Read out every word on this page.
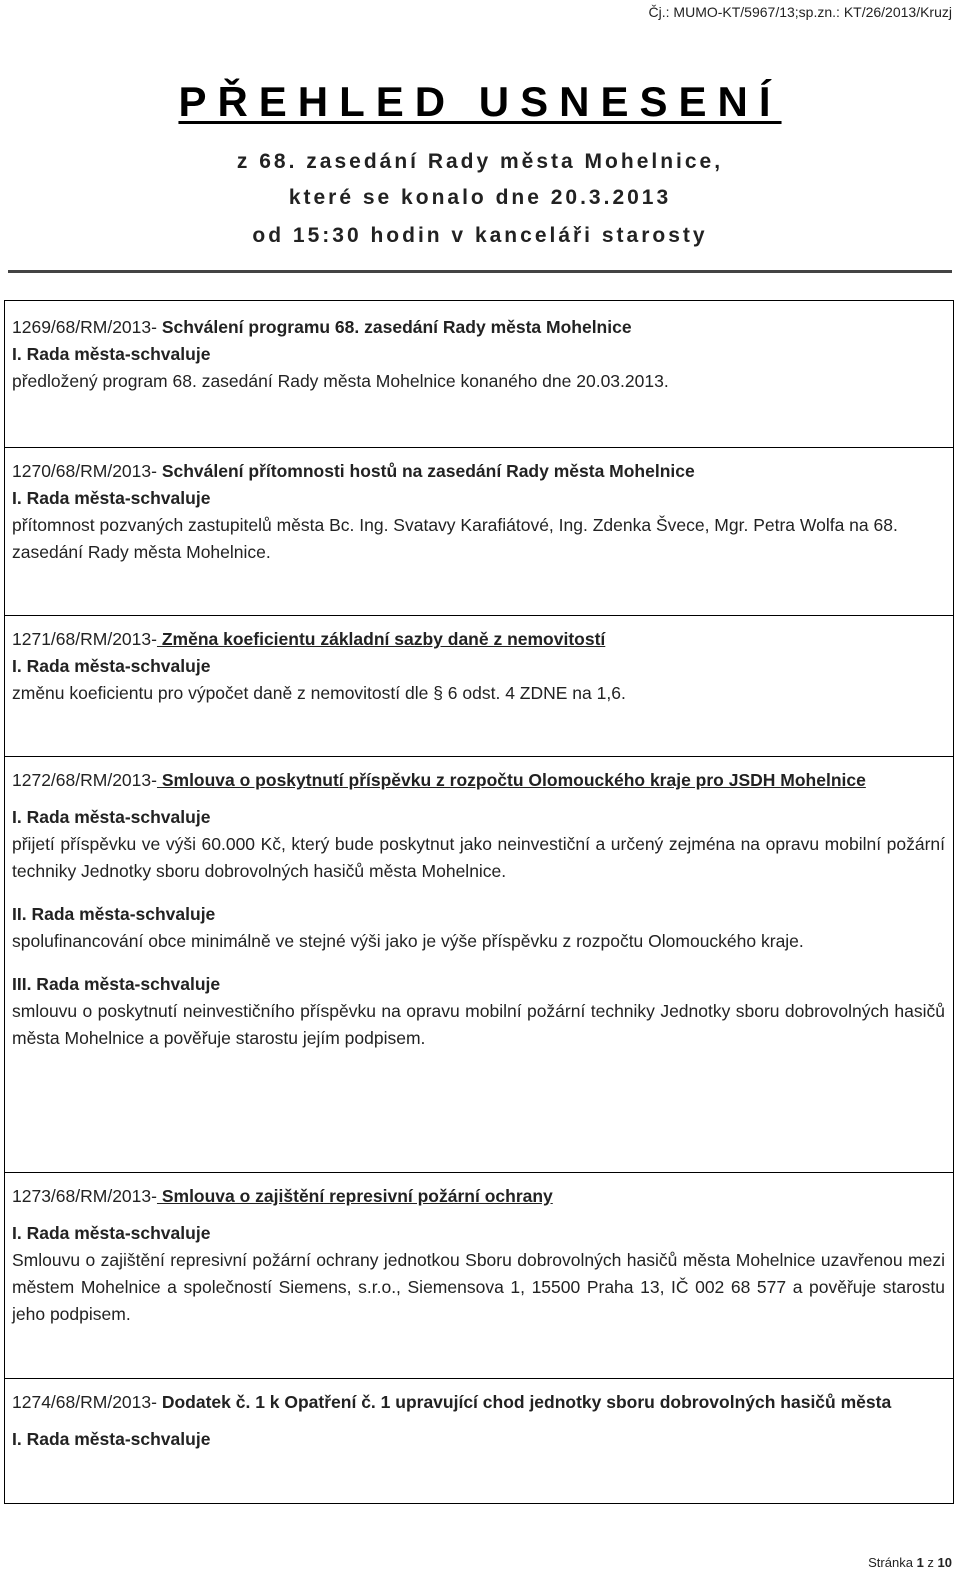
Čj.: MUMO-KT/5967/13;sp.zn.: KT/26/2013/Kruzj
PŘEHLED USNESENÍ
z 68. zasedání Rady města Mohelnice,
které se konalo dne 20.3.2013
od 15:30 hodin v kanceláři starosty

1269/68/RM/2013- Schválení programu 68. zasedání Rady města Mohelnice

I. Rada města-schvaluje

předložený program 68. zasedání Rady města Mohelnice konaného dne 20.03.2013.

1270/68/RM/2013- Schválení přítomnosti hostů na zasedání Rady města Mohelnice

I. Rada města-schvaluje

přítomnost pozvaných zastupitelů města Bc. Ing. Svatavy Karafiátové, Ing. Zdenka Švece, Mgr. Petra Wolfa na 68. zasedání Rady města Mohelnice.

1271/68/RM/2013- Změna koeficientu základní sazby daně z nemovitostí

I. Rada města-schvaluje

změnu koeficientu pro výpočet daně z nemovitostí dle § 6 odst. 4 ZDNE na 1,6.

1272/68/RM/2013- Smlouva o poskytnutí příspěvku z rozpočtu Olomouckého kraje pro JSDH Mohelnice

I. Rada města-schvaluje

přijetí příspěvku ve výši 60.000 Kč, který bude poskytnut jako neinvestiční a určený zejména na opravu mobilní požární techniky Jednotky sboru dobrovolných hasičů města Mohelnice.

II. Rada města-schvaluje

spolufinancování obce minimálně ve stejné výši jako je výše příspěvku z rozpočtu Olomouckého kraje.

III. Rada města-schvaluje

smlouvu o poskytnutí neinvestičního příspěvku na opravu mobilní požární techniky Jednotky sboru dobrovolných hasičů města Mohelnice a pověřuje starostu jejím podpisem.

1273/68/RM/2013- Smlouva o zajištění represivní požární ochrany

I. Rada města-schvaluje

Smlouvu o zajištění represivní požární ochrany jednotkou Sboru dobrovolných hasičů města Mohelnice uzavřenou mezi městem Mohelnice a společností Siemens, s.r.o., Siemensova 1, 15500 Praha 13, IČ 002 68 577 a pověřuje starostu jeho podpisem.

1274/68/RM/2013- Dodatek č. 1 k Opatření č. 1 upravující chod jednotky sboru dobrovolných hasičů města

I. Rada města-schvaluje

Stránka 1 z 10
